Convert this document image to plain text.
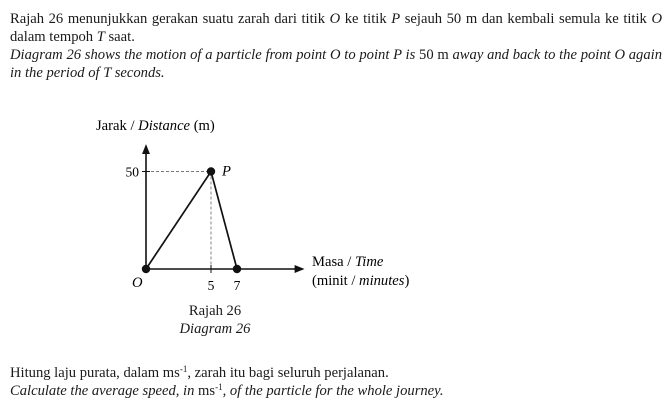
Rajah 26 menunjukkan gerakan suatu zarah dari titik O ke titik P sejauh 50 m dan kembali semula ke titik O dalam tempoh T saat.

Diagram 26 shows the motion of a particle from point O to point P is 50 m away and back to the point O again in the period of T seconds.

Jarak / Distance (m)
Masa / Time
(minit / minutes)
50
5 7
P
O
Rajah 26
Diagram 26

Hitung laju purata, dalam $ms^{-1}$, zarah itu bagi seluruh perjalanan.

Calculate the average speed, in $ms^{-1}$, of the particle for the whole journey.
